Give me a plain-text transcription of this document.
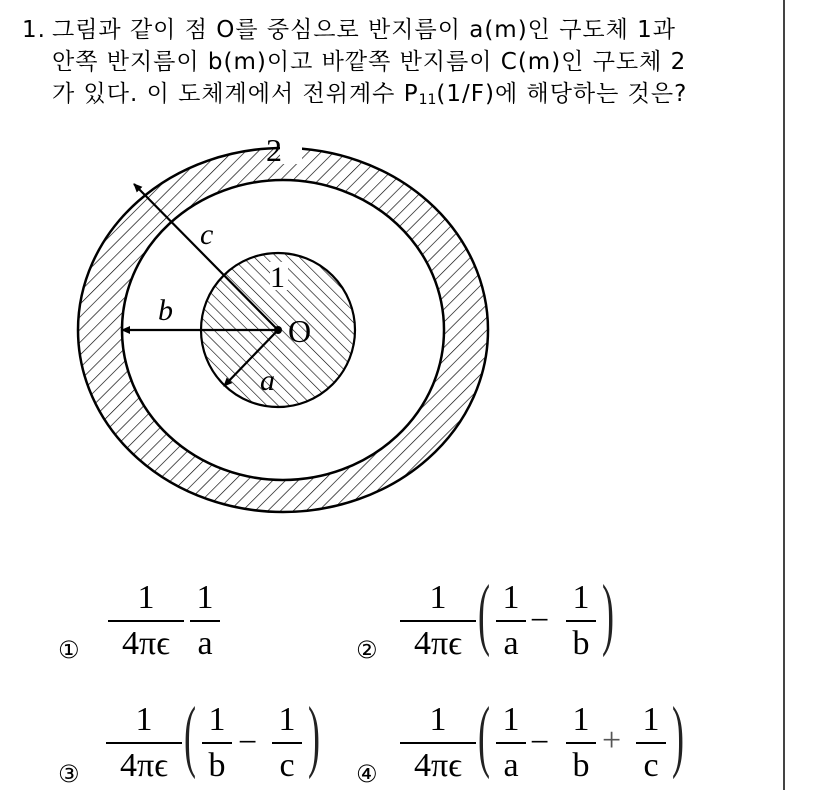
1. 그림과 같이 점 O를 중심으로 반지름이 a(m)인 구도체 1과
안쪽 반지름이 b(m)이고 바깥쪽 반지름이 C(m)인 구도체 2
가 있다. 이 도체계에서 전위계수 $P_{11}(1/F)$에 해당하는 것은?
2
1
O
c
b
a
①
1
4πϵ
1
a	②
1
4πϵ ( 1
a
−
1
b )
③
1
4πϵ ( 1
b
−
1
c ) ④
1
4πϵ ( 1
a
−
1
b
+
1
c )
